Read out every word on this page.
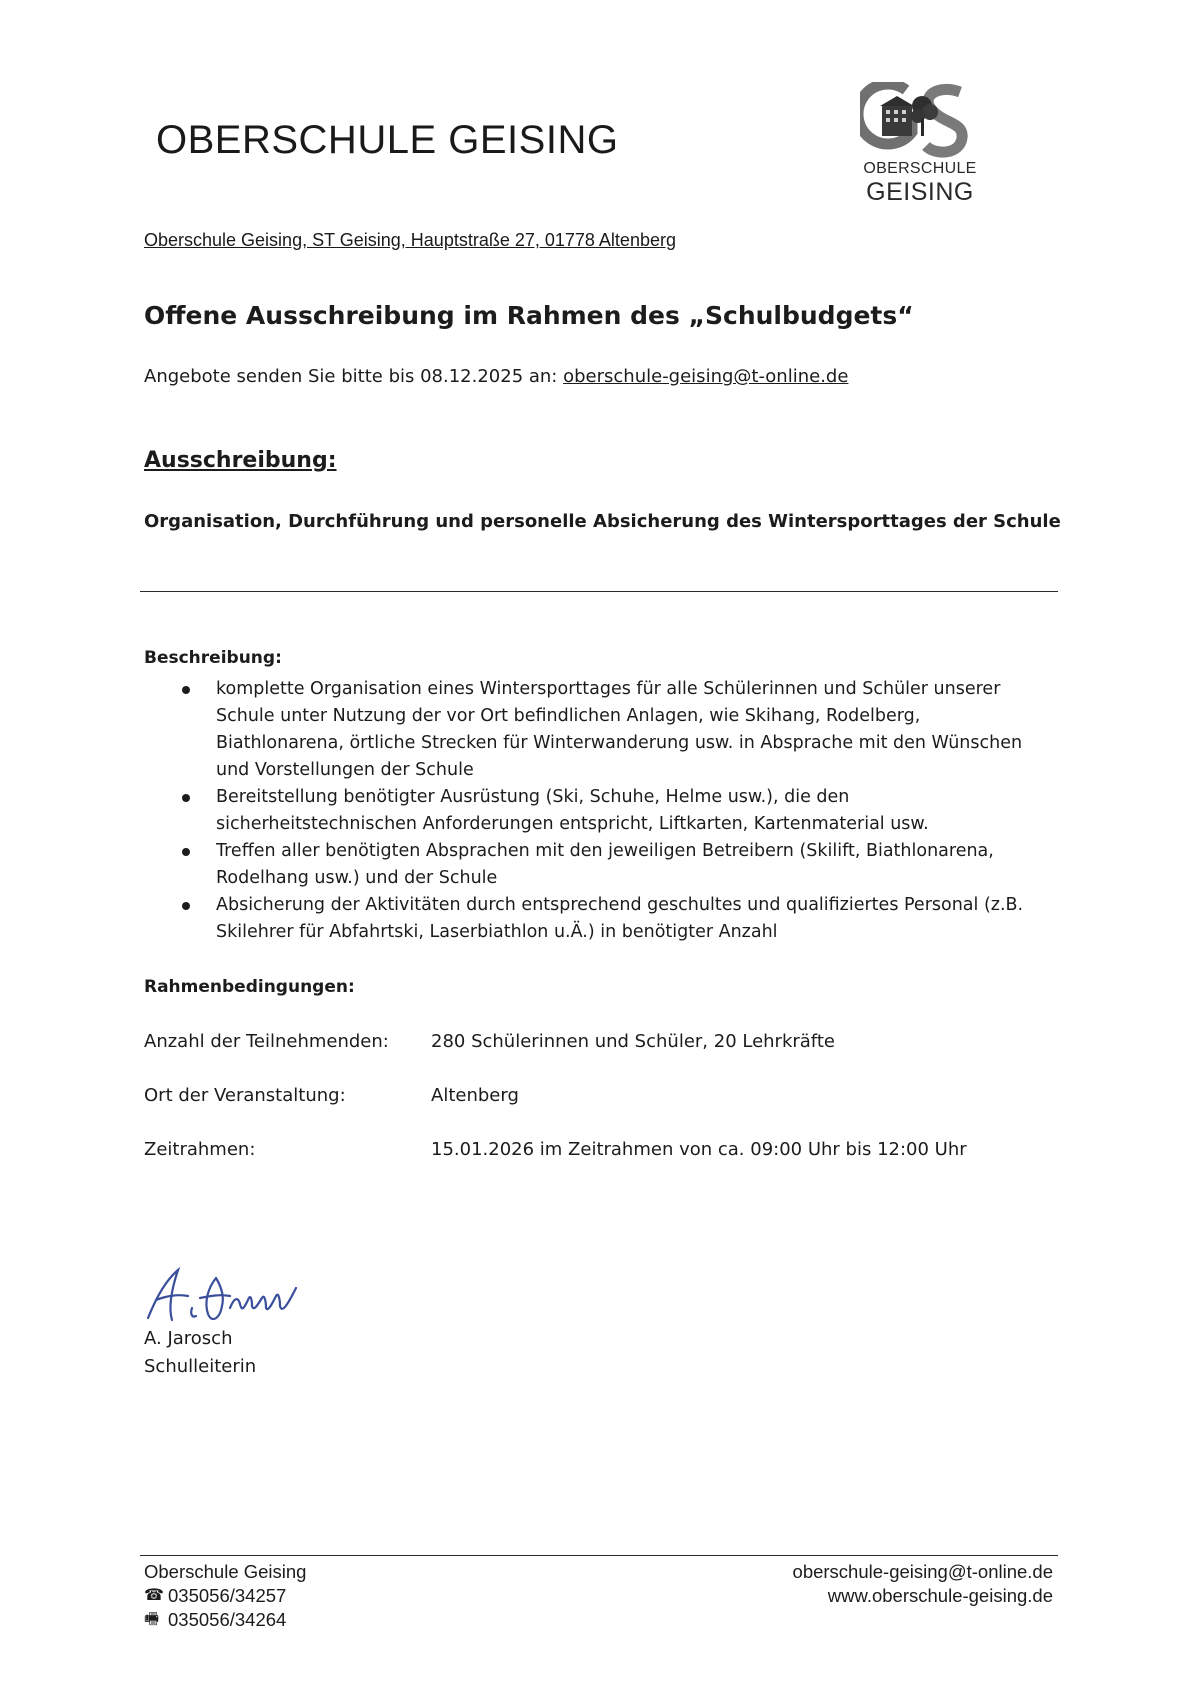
OBERSCHULE GEISING
OBERSCHULE
GEISING
Oberschule Geising, ST Geising, Hauptstraße 27, 01778 Altenberg
Offene Ausschreibung im Rahmen des „Schulbudgets“
Angebote senden Sie bitte bis 08.12.2025 an: oberschule-geising@t-online.de
Ausschreibung:
Organisation, Durchführung und personelle Absicherung des Wintersporttages der Schule
Beschreibung:
komplette Organisation eines Wintersporttages für alle Schülerinnen und Schüler unserer
Schule unter Nutzung der vor Ort befindlichen Anlagen, wie Skihang, Rodelberg,
Biathlonarena, örtliche Strecken für Winterwanderung usw. in Absprache mit den Wünschen
und Vorstellungen der Schule
Bereitstellung benötigter Ausrüstung (Ski, Schuhe, Helme usw.), die den
sicherheitstechnischen Anforderungen entspricht, Liftkarten, Kartenmaterial usw.
Treffen aller benötigten Absprachen mit den jeweiligen Betreibern (Skilift, Biathlonarena,
Rodelhang usw.) und der Schule
Absicherung der Aktivitäten durch entsprechend geschultes und qualifiziertes Personal (z.B.
Skilehrer für Abfahrtski, Laserbiathlon u.Ä.) in benötigter Anzahl
Rahmenbedingungen:
Anzahl der Teilnehmenden: 280 Schülerinnen und Schüler, 20 Lehrkräfte
Ort der Veranstaltung:	Altenberg
Zeitrahmen:	15.01.2026 im Zeitrahmen von ca. 09:00 Uhr bis 12:00 Uhr
A. Jarosch
Schulleiterin
Oberschule Geising
☎ 035056/34257
🖷 035056/34264
oberschule-geising@t-online.de
www.oberschule-geising.de
